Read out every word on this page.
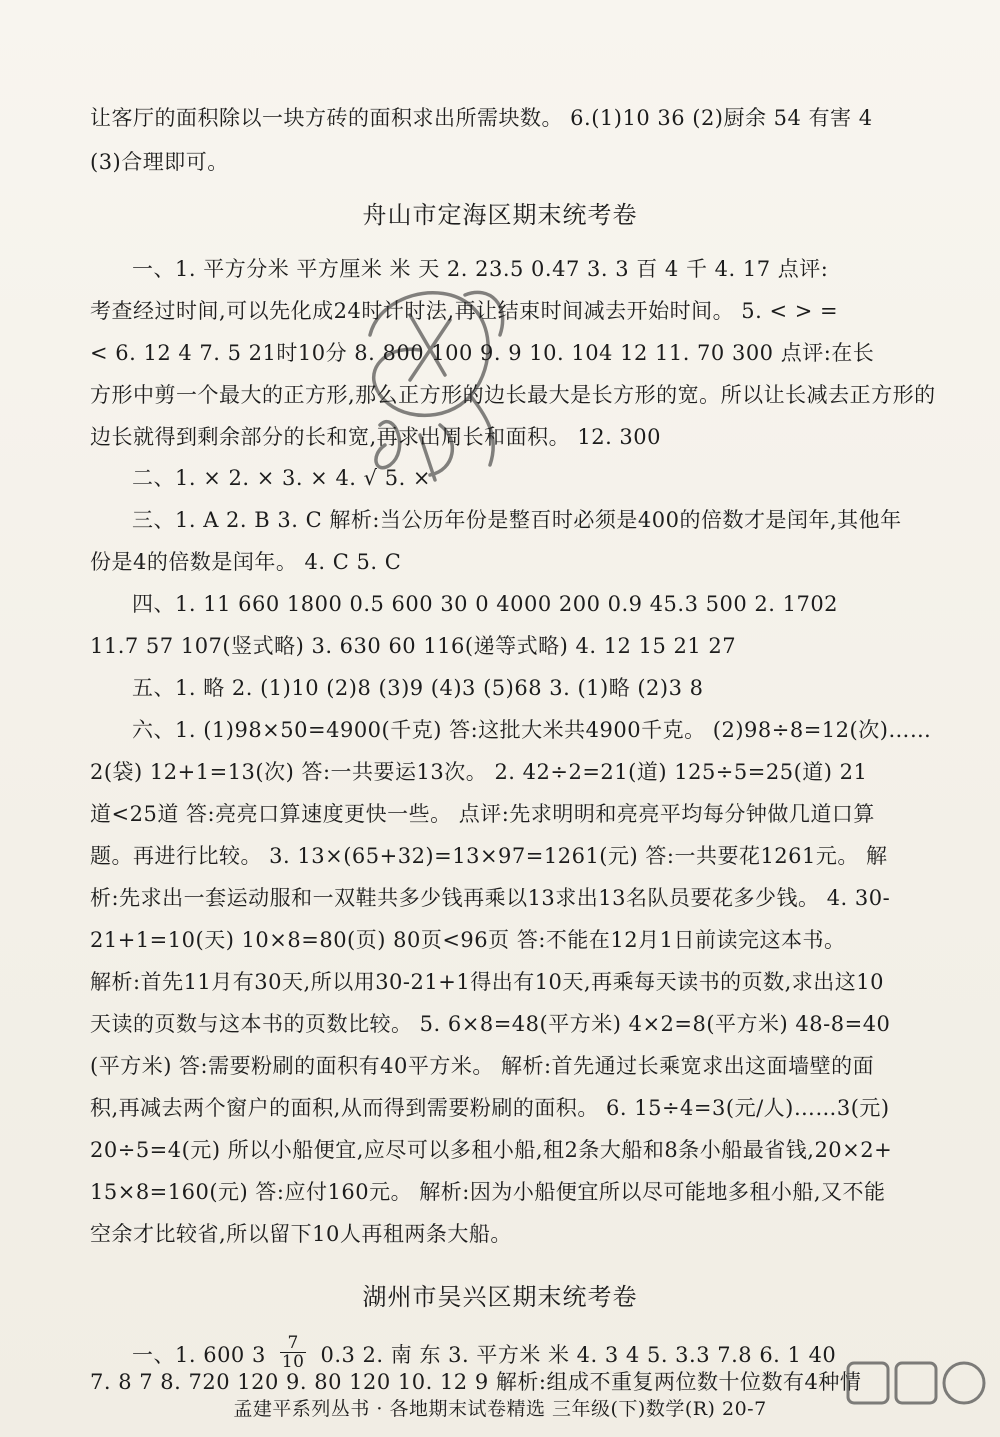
让客厅的面积除以一块方砖的面积求出所需块数。 6.(1)10 36 (2)厨余 54 有害 4
(3)合理即可。
舟山市定海区期末统考卷
一、1. 平方分米 平方厘米 米 天 2. 23.5 0.47 3. 3 百 4 千 4. 17 点评:
考查经过时间,可以先化成24时计时法,再让结束时间减去开始时间。 5. < > =
< 6. 12 4 7. 5 21时10分 8. 800 100 9. 9 10. 104 12 11. 70 300 点评:在长
方形中剪一个最大的正方形,那么正方形的边长最大是长方形的宽。所以让长减去正方形的
边长就得到剩余部分的长和宽,再求出周长和面积。 12. 300
二、1. × 2. × 3. × 4. √ 5. ×
三、1. A 2. B 3. C 解析:当公历年份是整百时必须是400的倍数才是闰年,其他年
份是4的倍数是闰年。 4. C 5. C
四、1. 11 660 1800 0.5 600 30 0 4000 200 0.9 45.3 500 2. 1702
11.7 57 107(竖式略) 3. 630 60 116(递等式略) 4. 12 15 21 27
五、1. 略 2. (1)10 (2)8 (3)9 (4)3 (5)68 3. (1)略 (2)3 8
六、1. (1)98×50=4900(千克) 答:这批大米共4900千克。 (2)98÷8=12(次)……
2(袋) 12+1=13(次) 答:一共要运13次。 2. 42÷2=21(道) 125÷5=25(道) 21
道<25道 答:亮亮口算速度更快一些。 点评:先求明明和亮亮平均每分钟做几道口算
题。再进行比较。 3. 13×(65+32)=13×97=1261(元) 答:一共要花1261元。 解
析:先求出一套运动服和一双鞋共多少钱再乘以13求出13名队员要花多少钱。 4. 30-
21+1=10(天) 10×8=80(页) 80页<96页 答:不能在12月1日前读完这本书。
解析:首先11月有30天,所以用30-21+1得出有10天,再乘每天读书的页数,求出这10
天读的页数与这本书的页数比较。 5. 6×8=48(平方米) 4×2=8(平方米) 48-8=40
(平方米) 答:需要粉刷的面积有40平方米。 解析:首先通过长乘宽求出这面墙壁的面
积,再减去两个窗户的面积,从而得到需要粉刷的面积。 6. 15÷4=3(元/人)……3(元)
20÷5=4(元) 所以小船便宜,应尽可以多租小船,租2条大船和8条小船最省钱,20×2+
15×8=160(元) 答:应付160元。 解析:因为小船便宜所以尽可能地多租小船,又不能
空余才比较省,所以留下10人再租两条大船。
湖州市吴兴区期末统考卷
一、1. 600 $3 \frac{7}{10} 0.3$ 2. 南 东 3. 平方米 米 4. 3 4 5. 3.3 7.8 6. 1 40
7. 8 7 8. 720 120 9. 80 120 10. 12 9 解析:组成不重复两位数十位数有4种情
孟建平系列丛书 · 各地期末试卷精选 三年级(下)数学(R) 20-7
